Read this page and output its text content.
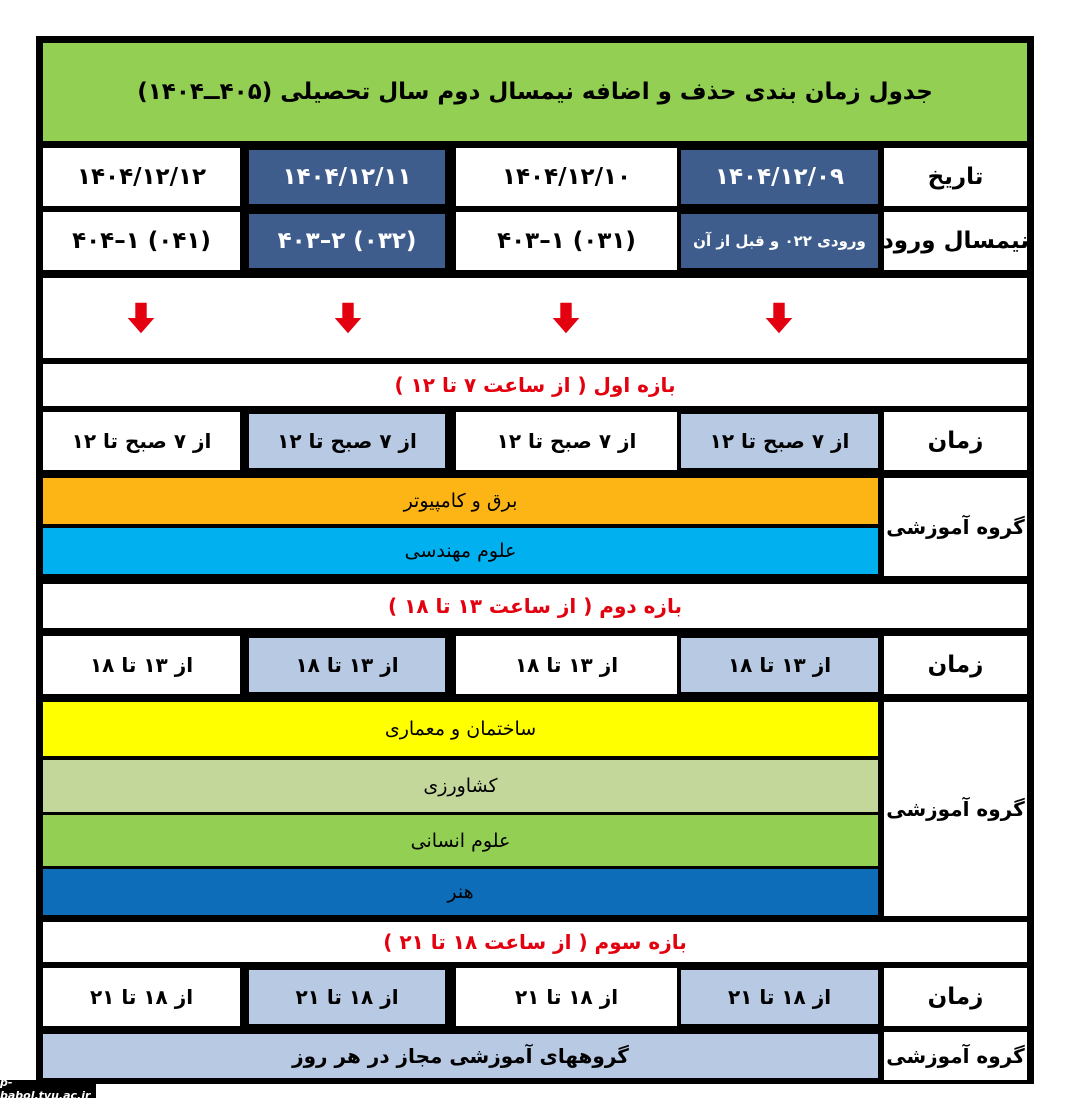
جدول زمان بندی حذف و اضافه نیمسال دوم سال تحصیلی (۴۰۵ــ۱۴۰۴)
تاریخ
۱۴۰۴/۱۲/۰۹
۱۴۰۴/۱۲/۱۰
۱۴۰۴/۱۲/۱۱
۱۴۰۴/۱۲/۱۲
نیمسال ورود
ورودی ۰۲۲ و قبل از آن
(۰۳۱) ۱–۴۰۳
(۰۳۲) ۲–۴۰۳
(۰۴۱) ۱–۴۰۴
بازه اول ( از ساعت ۷ تا ۱۲ )
زمان
از ۷ صبح تا ۱۲
از ۷ صبح تا ۱۲
از ۷ صبح تا ۱۲
از ۷ صبح تا ۱۲
گروه آموزشی
برق و کامپیوتر
علوم مهندسی
بازه دوم ( از ساعت ۱۳ تا ۱۸ )
زمان
از ۱۳ تا ۱۸
از ۱۳ تا ۱۸
از ۱۳ تا ۱۸
از ۱۳ تا ۱۸
گروه آموزشی
ساختمان و معماری
کشاورزی
علوم انسانی
هنر
بازه سوم ( از ساعت ۱۸ تا ۲۱ )
زمان
از ۱۸ تا ۲۱
از ۱۸ تا ۲۱
از ۱۸ تا ۲۱
از ۱۸ تا ۲۱
گروه آموزشی
گروههای آموزشی مجاز در هر روز
p-babol.tvu.ac.ir
